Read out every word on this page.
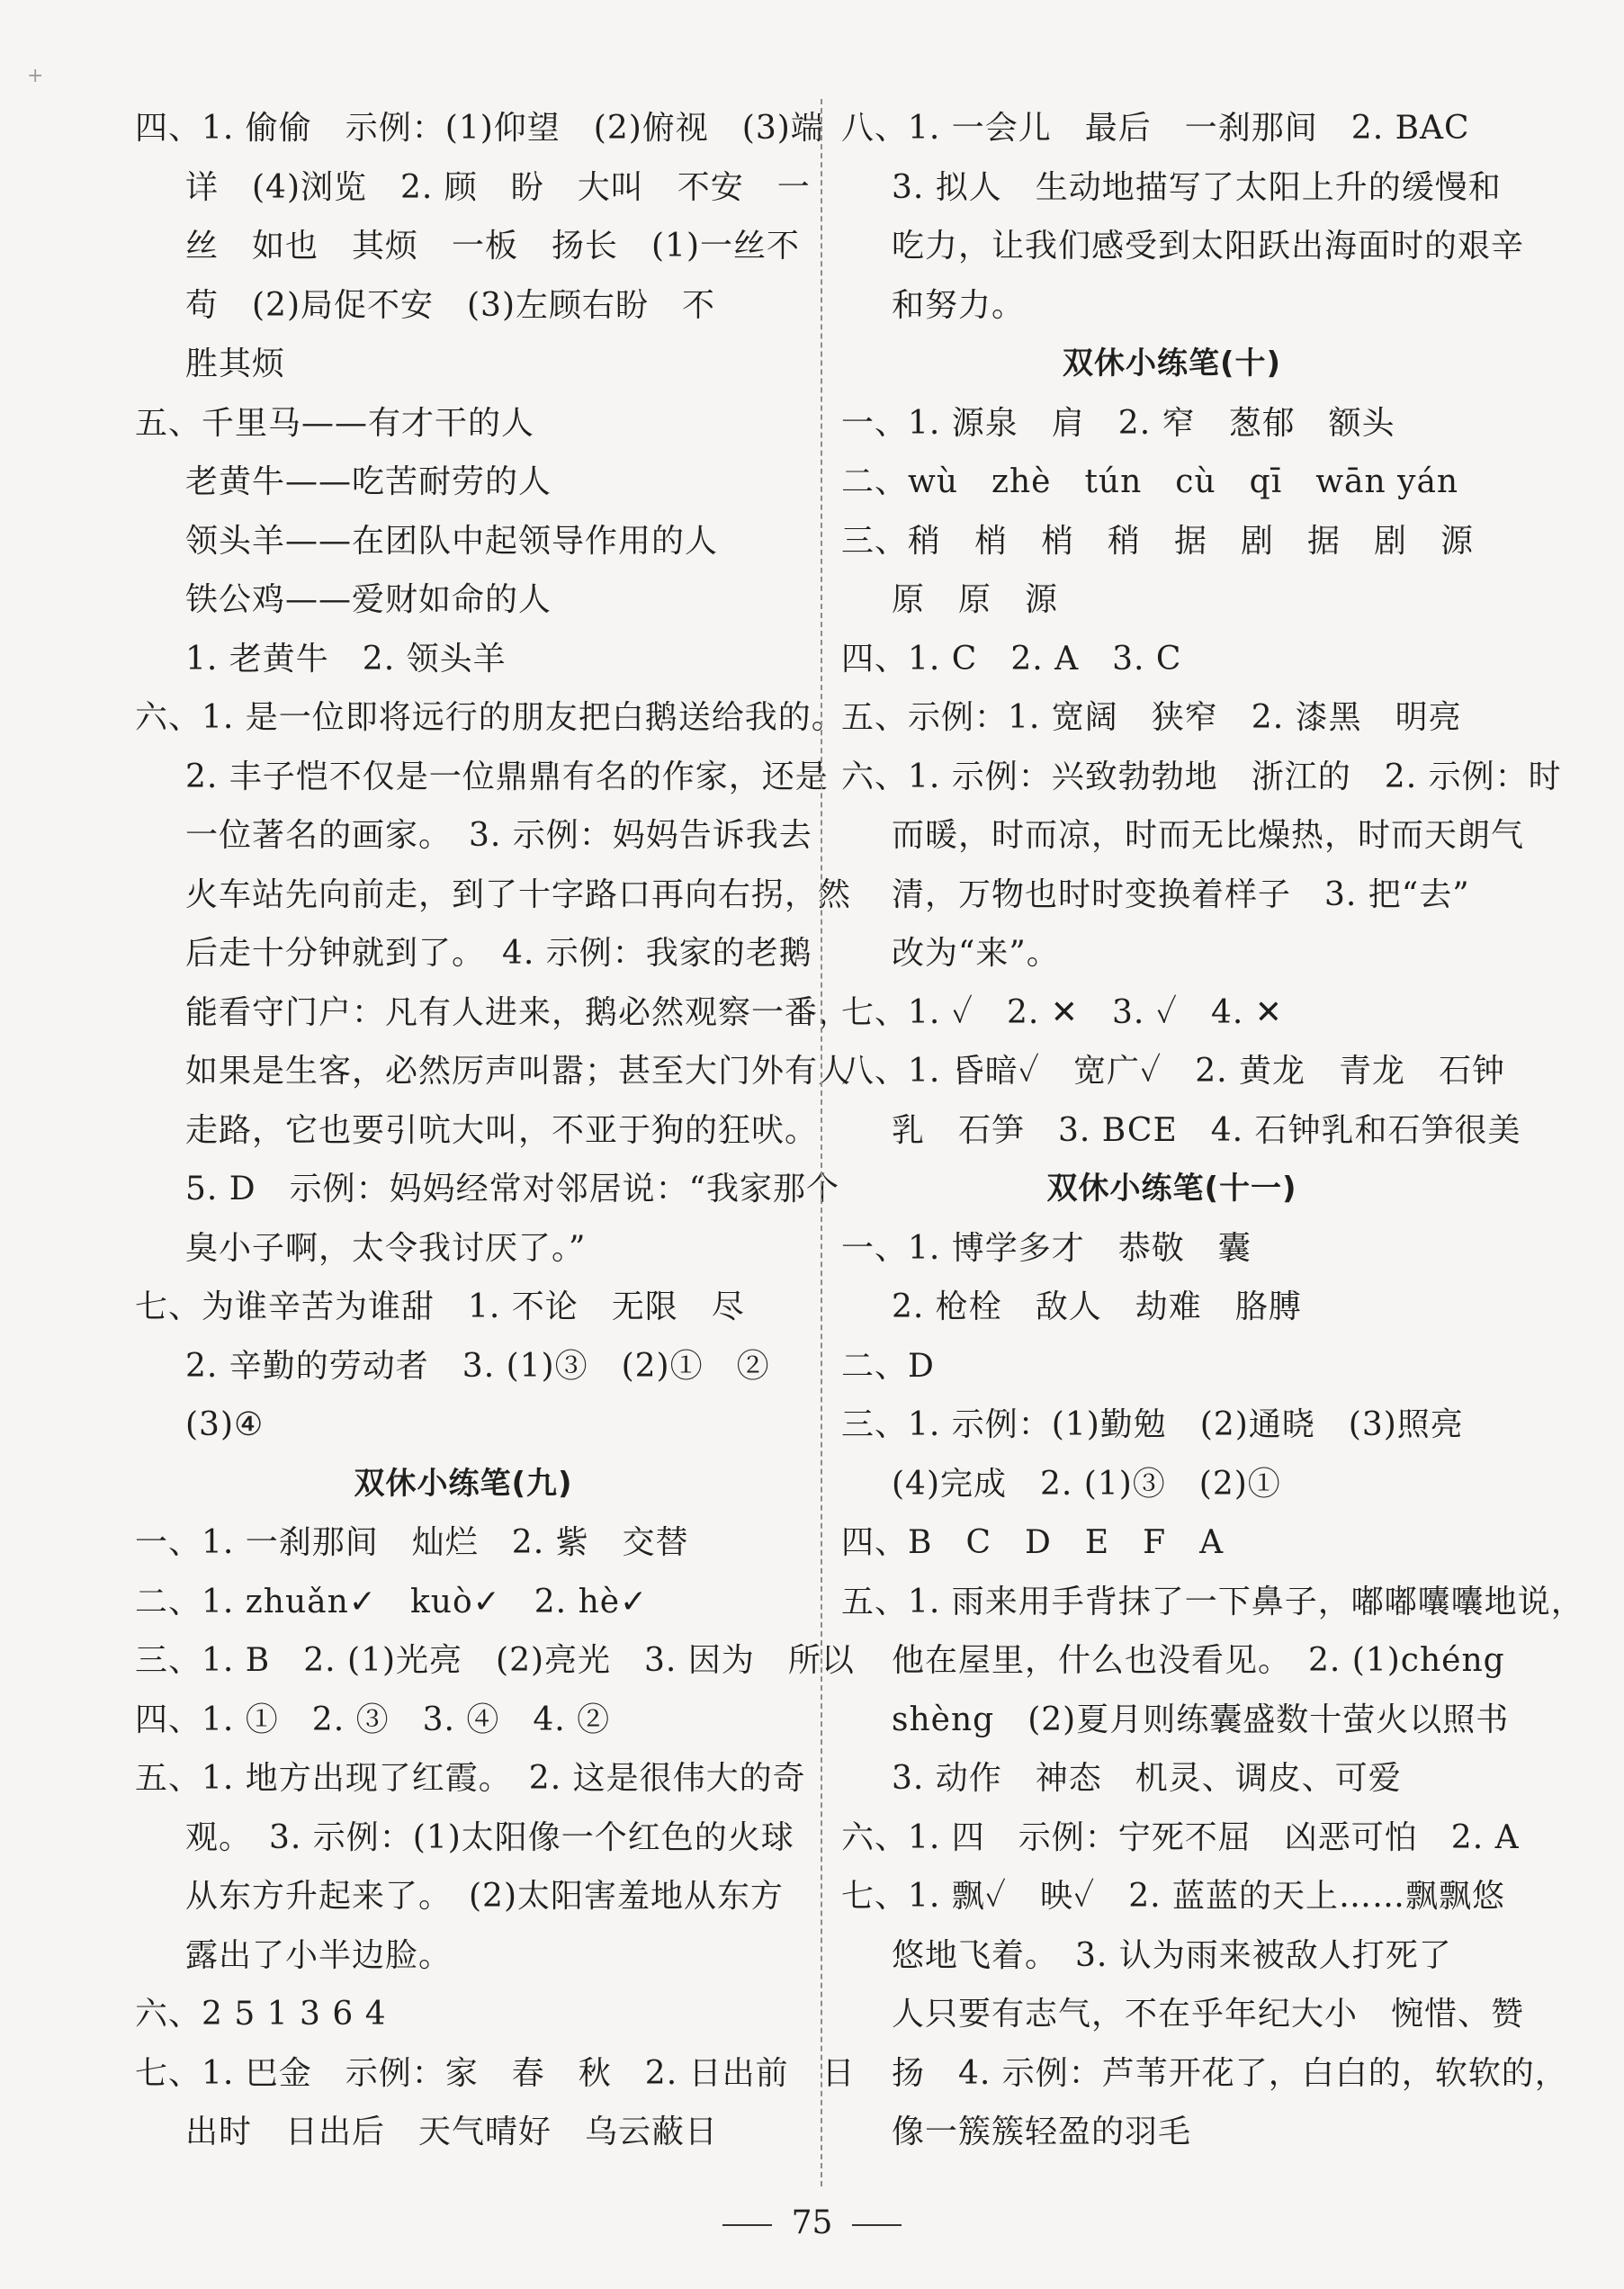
+
四、1. 偷偷　示例：(1)仰望　(2)俯视　(3)端
详　(4)浏览　2. 顾　盼　大叫　不安　一
丝　如也　其烦　一板　扬长　(1)一丝不
苟　(2)局促不安　(3)左顾右盼　不
胜其烦
五、千里马——有才干的人
老黄牛——吃苦耐劳的人
领头羊——在团队中起领导作用的人
铁公鸡——爱财如命的人
1. 老黄牛　2. 领头羊
六、1. 是一位即将远行的朋友把白鹅送给我的。
2. 丰子恺不仅是一位鼎鼎有名的作家，还是
一位著名的画家。　3. 示例：妈妈告诉我去
火车站先向前走，到了十字路口再向右拐，然
后走十分钟就到了。　4. 示例：我家的老鹅
能看守门户：凡有人进来，鹅必然观察一番，
如果是生客，必然厉声叫嚣；甚至大门外有人
走路，它也要引吭大叫，不亚于狗的狂吠。
5. D　示例：妈妈经常对邻居说：“我家那个
臭小子啊，太令我讨厌了。”
七、为谁辛苦为谁甜　1. 不论　无限　尽
2. 辛勤的劳动者　3. (1)③　(2)①　②
(3)④
双休小练笔(九)
一、1. 一刹那间　灿烂　2. 紫　交替
二、1. zhuǎn✓　kuò✓　2. hè✓
三、1. B　2. (1)光亮　(2)亮光　3. 因为　所以
四、1. ①　2. ③　3. ④　4. ②
五、1. 地方出现了红霞。　2. 这是很伟大的奇
观。　3. 示例：(1)太阳像一个红色的火球
从东方升起来了。　(2)太阳害羞地从东方
露出了小半边脸。
六、2 5 1 3 6 4
七、1. 巴金　示例：家　春　秋　2. 日出前　日
出时　日出后　天气晴好　乌云蔽日
八、1. 一会儿　最后　一刹那间　2. BAC
3. 拟人　生动地描写了太阳上升的缓慢和
吃力，让我们感受到太阳跃出海面时的艰辛
和努力。
双休小练笔(十)
一、1. 源泉　肩　2. 窄　葱郁　额头
二、wù　zhè　tún　cù　qī　wān yán
三、稍　梢　梢　稍　据　剧　据　剧　源
原　原　源
四、1. C　2. A　3. C
五、示例：1. 宽阔　狭窄　2. 漆黑　明亮
六、1. 示例：兴致勃勃地　浙江的　2. 示例：时
而暖，时而凉，时而无比燥热，时而天朗气
清，万物也时时变换着样子　3. 把“去”
改为“来”。
七、1. ✓　2. ✕　3. ✓　4. ✕
八、1. 昏暗✓　宽广✓　2. 黄龙　青龙　石钟
乳　石笋　3. BCE　4. 石钟乳和石笋很美
双休小练笔(十一)
一、1. 博学多才　恭敬　囊
2. 枪栓　敌人　劫难　胳膊
二、D
三、1. 示例：(1)勤勉　(2)通晓　(3)照亮
(4)完成　2. (1)③　(2)①
四、B　C　D　E　F　A
五、1. 雨来用手背抹了一下鼻子，嘟嘟囔囔地说，
他在屋里，什么也没看见。　2. (1)chéng
shèng　(2)夏月则练囊盛数十萤火以照书
3. 动作　神态　机灵、调皮、可爱
六、1. 四　示例：宁死不屈　凶恶可怕　2. A
七、1. 飘✓　映✓　2. 蓝蓝的天上……飘飘悠
悠地飞着。　3. 认为雨来被敌人打死了
人只要有志气，不在乎年纪大小　惋惜、赞
扬　4. 示例：芦苇开花了，白白的，软软的，
像一簇簇轻盈的羽毛
75
